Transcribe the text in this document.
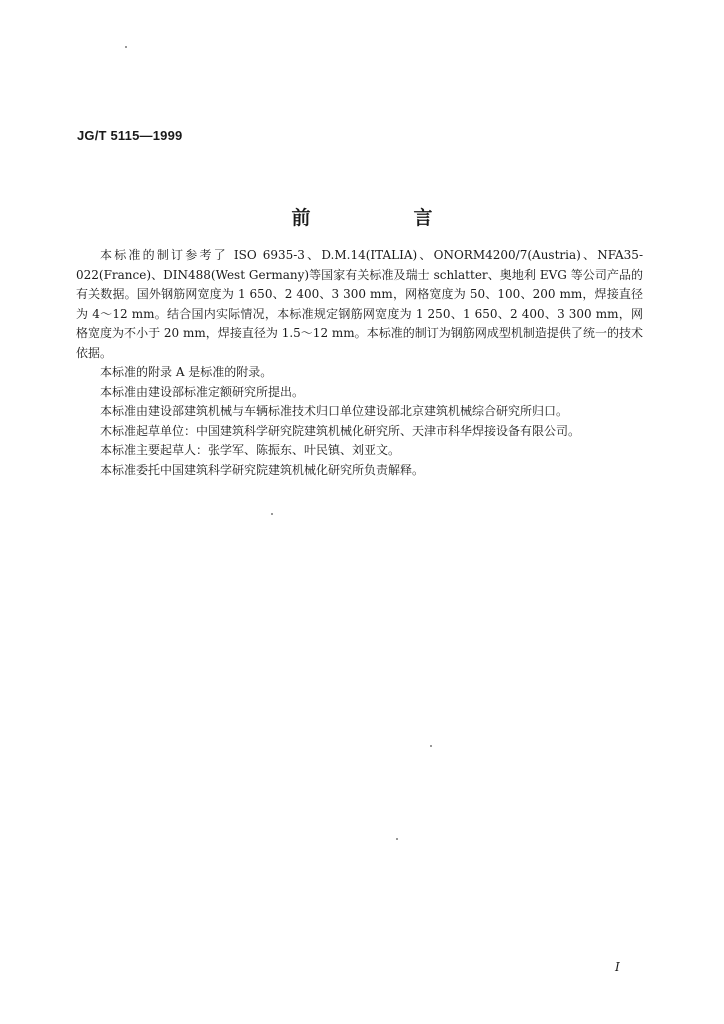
JG/T 5115—1999
前　言

本标准的制订参考了 ISO 6935-3、D.M.14(ITALIA)、ONORM4200/7(Austria)、NFA35-022(France)、DIN488(West Germany)等国家有关标准及瑞士 schlatter、奥地利 EVG 等公司产品的有关数据。国外钢筋网宽度为 1 650、2 400、3 300 mm，网格宽度为 50、100、200 mm，焊接直径为 4～12 mm。结合国内实际情况，本标准规定钢筋网宽度为 1 250、1 650、2 400、3 300 mm，网格宽度为不小于 20 mm，焊接直径为 1.5～12 mm。本标准的制订为钢筋网成型机制造提供了统一的技术依据。

本标准的附录 A 是标准的附录。

本标准由建设部标准定额研究所提出。

本标准由建设部建筑机械与车辆标准技术归口单位建设部北京建筑机械综合研究所归口。

木标准起草单位：中国建筑科学研究院建筑机械化研究所、天津市科华焊接设备有限公司。

本标准主要起草人：张学军、陈振东、叶民镇、刘亚文。

本标准委托中国建筑科学研究院建筑机械化研究所负责解释。

I
